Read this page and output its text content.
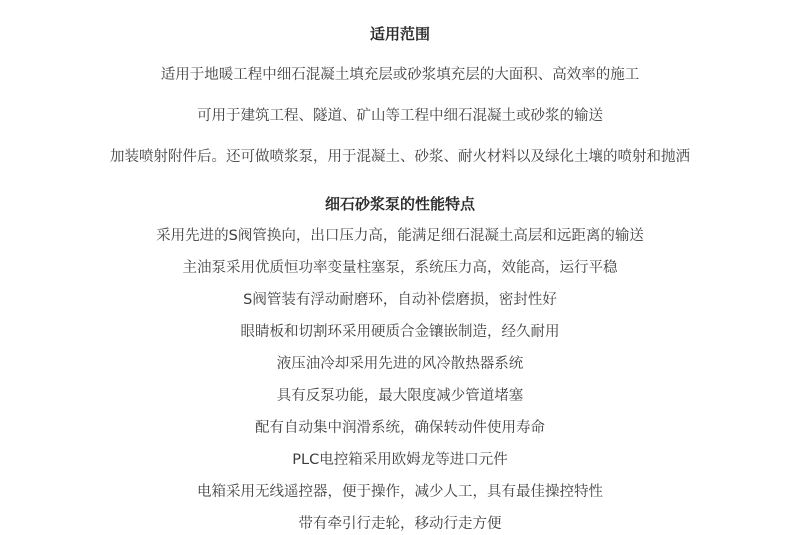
适用范围
适用于地暖工程中细石混凝土填充层或砂浆填充层的大面积、高效率的施工
可用于建筑工程、隧道、矿山等工程中细石混凝土或砂浆的输送
加装喷射附件后。还可做喷浆泵，用于混凝土、砂浆、耐火材料以及绿化土壤的喷射和抛洒
细石砂浆泵的性能特点
采用先进的S阀管换向，出口压力高，能满足细石混凝土高层和远距离的输送
主油泵采用优质恒功率变量柱塞泵，系统压力高，效能高，运行平稳
S阀管装有浮动耐磨环，自动补偿磨损，密封性好
眼睛板和切割环采用硬质合金镶嵌制造，经久耐用
液压油冷却采用先进的风冷散热器系统
具有反泵功能，最大限度减少管道堵塞
配有自动集中润滑系统，确保转动件使用寿命
PLC电控箱采用欧姆龙等进口元件
电箱采用无线遥控器，便于操作，减少人工，具有最佳操控特性
带有牵引行走轮，移动行走方便
